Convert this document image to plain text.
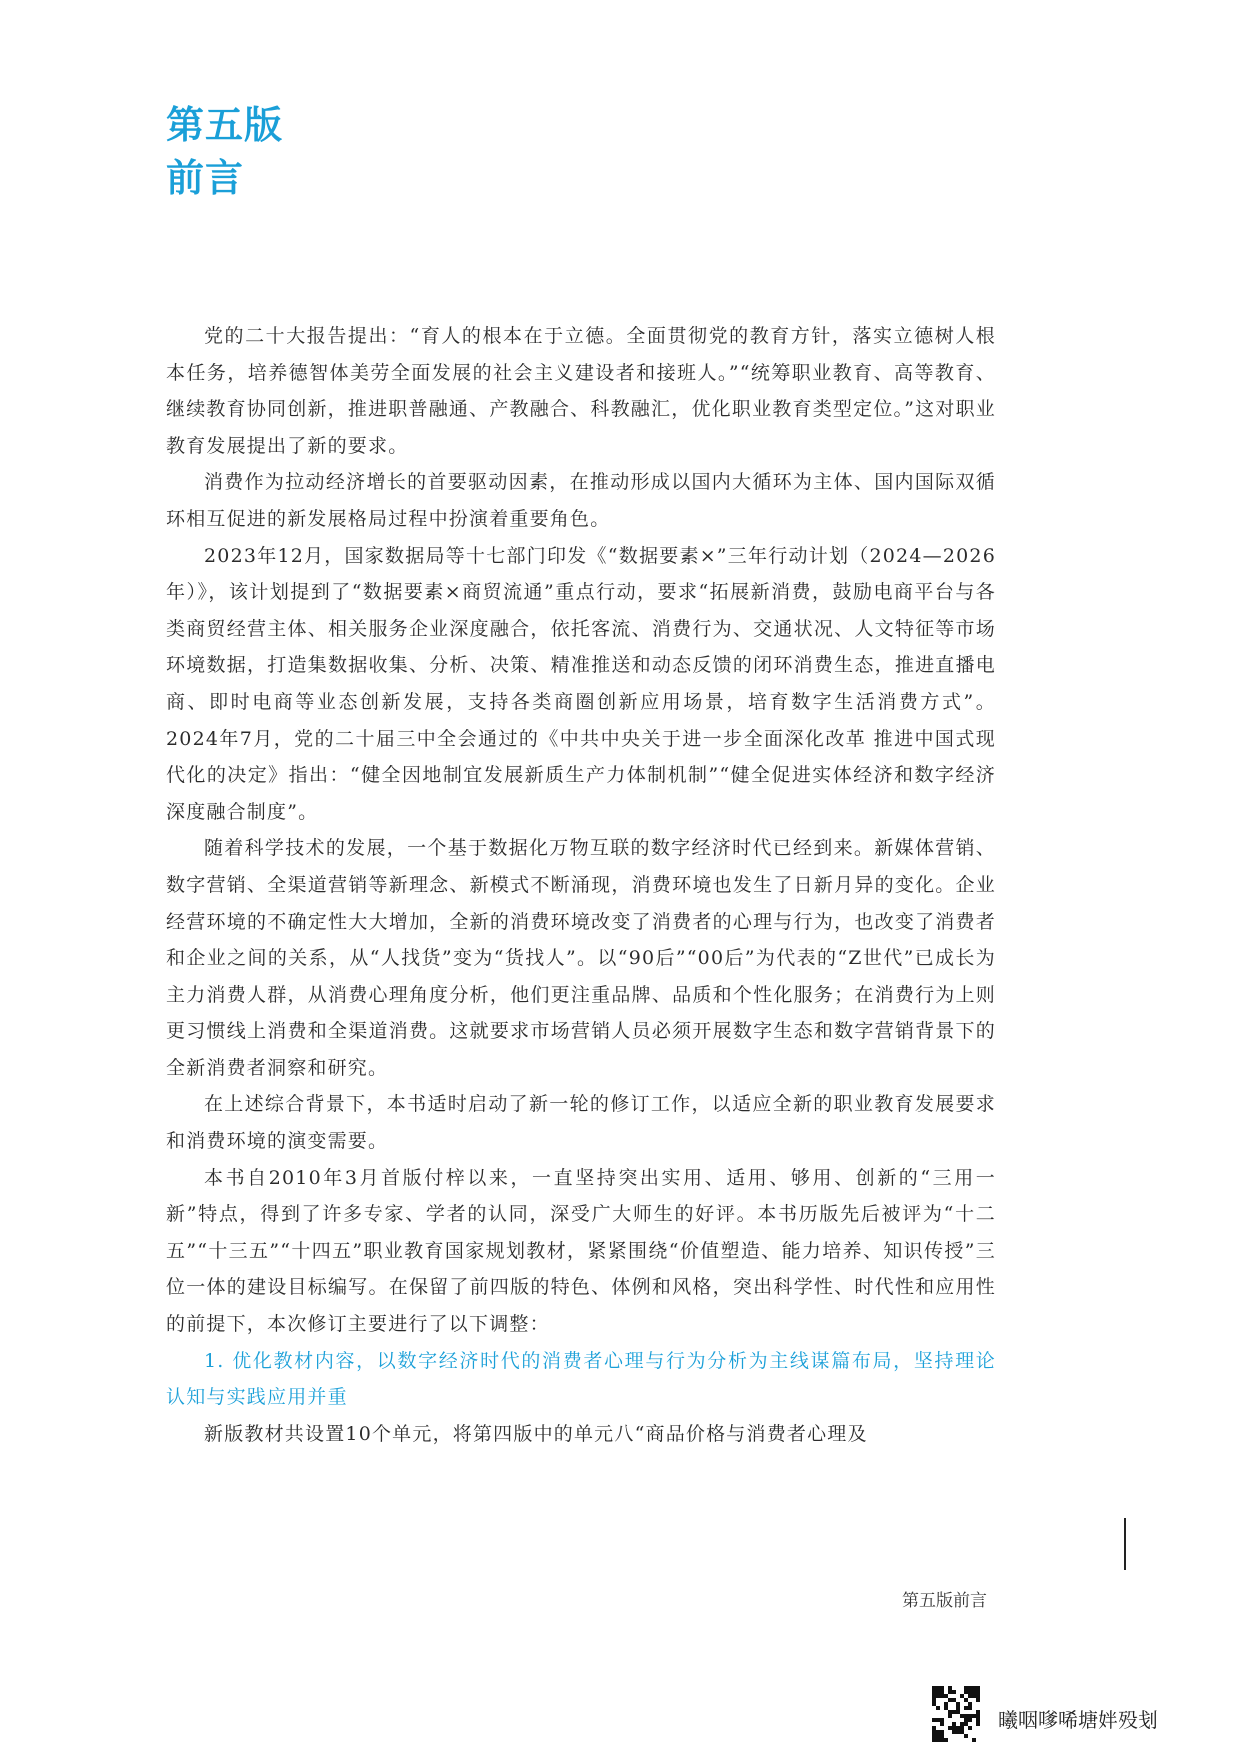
第五版
前言

党的二十大报告提出：“育人的根本在于立德。全面贯彻党的教育方针，落实立德树人根本任务，培养德智体美劳全面发展的社会主义建设者和接班人。”“统筹职业教育、高等教育、继续教育协同创新，推进职普融通、产教融合、科教融汇，优化职业教育类型定位。”这对职业教育发展提出了新的要求。

消费作为拉动经济增长的首要驱动因素，在推动形成以国内大循环为主体、国内国际双循环相互促进的新发展格局过程中扮演着重要角色。

2023年12月，国家数据局等十七部门印发《“数据要素×”三年行动计划（2024—2026年）》，该计划提到了“数据要素×商贸流通”重点行动，要求“拓展新消费，鼓励电商平台与各类商贸经营主体、相关服务企业深度融合，依托客流、消费行为、交通状况、人文特征等市场环境数据，打造集数据收集、分析、决策、精准推送和动态反馈的闭环消费生态，推进直播电商、即时电商等业态创新发展，支持各类商圈创新应用场景，培育数字生活消费方式”。2024年7月，党的二十届三中全会通过的《中共中央关于进一步全面深化改革 推进中国式现代化的决定》指出：“健全因地制宜发展新质生产力体制机制”“健全促进实体经济和数字经济深度融合制度”。

随着科学技术的发展，一个基于数据化万物互联的数字经济时代已经到来。新媒体营销、数字营销、全渠道营销等新理念、新模式不断涌现，消费环境也发生了日新月异的变化。企业经营环境的不确定性大大增加，全新的消费环境改变了消费者的心理与行为，也改变了消费者和企业之间的关系，从“人找货”变为“货找人”。以“90后”“00后”为代表的“Z世代”已成长为主力消费人群，从消费心理角度分析，他们更注重品牌、品质和个性化服务；在消费行为上则更习惯线上消费和全渠道消费。这就要求市场营销人员必须开展数字生态和数字营销背景下的全新消费者洞察和研究。

在上述综合背景下，本书适时启动了新一轮的修订工作，以适应全新的职业教育发展要求和消费环境的演变需要。

本书自2010年3月首版付梓以来，一直坚持突出实用、适用、够用、创新的“三用一新”特点，得到了许多专家、学者的认同，深受广大师生的好评。本书历版先后被评为“十二五”“十三五”“十四五”职业教育国家规划教材，紧紧围绕“价值塑造、能力培养、知识传授”三位一体的建设目标编写。在保留了前四版的特色、体例和风格，突出科学性、时代性和应用性的前提下，本次修订主要进行了以下调整：

1. 优化教材内容，以数字经济时代的消费者心理与行为分析为主线谋篇布局，坚持理论认知与实践应用并重

新版教材共设置10个单元，将第四版中的单元八“商品价格与消费者心理及

第五版前言
曦咽嗲唏塘姅殁刬
